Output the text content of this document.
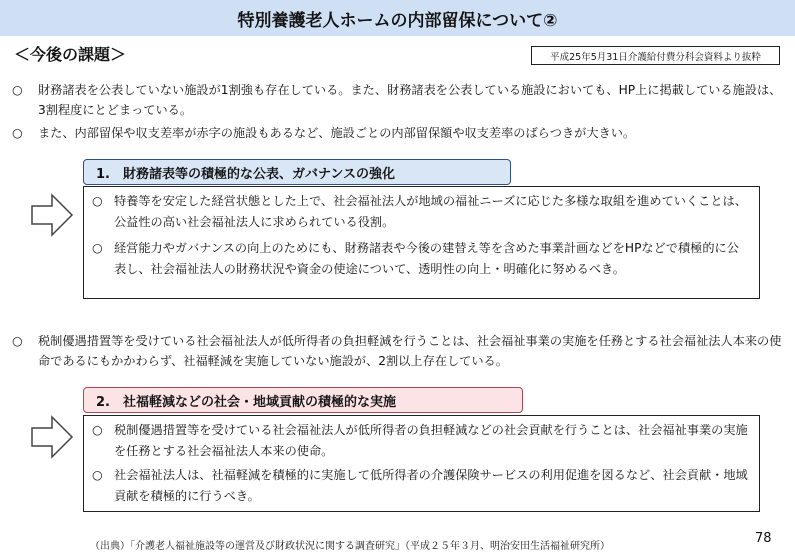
特別養護老人ホームの内部留保について②
＜今後の課題＞	平成25年5月31日介護給付費分科会資料より抜粋
○ 財務諸表を公表していない施設が1割強も存在している。また、財務諸表を公表している施設においても、HP上に掲載している施設は、3割程度にとどまっている。
○ また、内部留保や収支差率が赤字の施設もあるなど、施設ごとの内部留保額や収支差率のばらつきが大きい。
1.　財務諸表等の積極的な公表、ガバナンスの強化
○ 特養等を安定した経営状態とした上で、社会福祉法人が地域の福祉ニーズに応じた多様な取組を進めていくことは、公益性の高い社会福祉法人に求められている役割。
○ 経営能力やガバナンスの向上のためにも、財務諸表や今後の建替え等を含めた事業計画などをHPなどで積極的に公表し、社会福祉法人の財務状況や資金の使途について、透明性の向上・明確化に努めるべき。
○ 税制優遇措置等を受けている社会福祉法人が低所得者の負担軽減を行うことは、社会福祉事業の実施を任務とする社会福祉法人本来の使命であるにもかかわらず、社福軽減を実施していない施設が、2割以上存在している。
2.　社福軽減などの社会・地域貢献の積極的な実施
○ 税制優遇措置等を受けている社会福祉法人が低所得者の負担軽減などの社会貢献を行うことは、社会福祉事業の実施を任務とする社会福祉法人本来の使命。
○ 社会福祉法人は、社福軽減を積極的に実施して低所得者の介護保険サービスの利用促進を図るなど、社会貢献・地域貢献を積極的に行うべき。
（出典）「介護老人福祉施設等の運営及び財政状況に関する調査研究」（平成２５年３月、明治安田生活福祉研究所）
78
